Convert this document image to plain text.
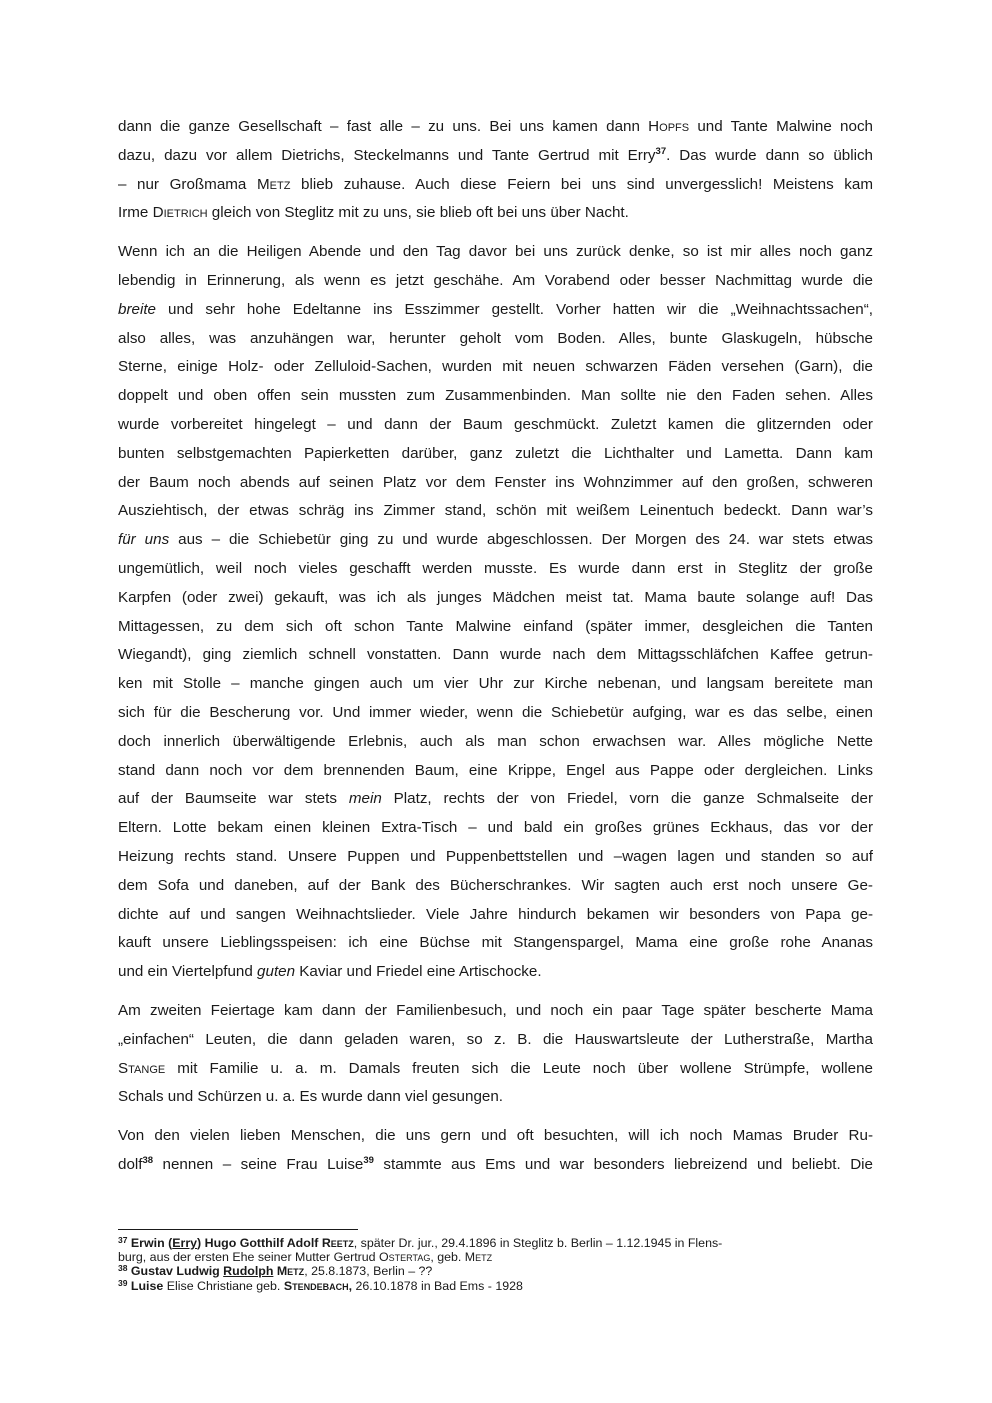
dann die ganze Gesellschaft – fast alle – zu uns. Bei uns kamen dann Hopfs und Tante Malwine noch
dazu, dazu vor allem Dietrichs, Steckelmanns und Tante Gertrud mit Erry$^{37}$. Das wurde dann so üblich
– nur Großmama Metz blieb zuhause. Auch diese Feiern bei uns sind unvergesslich! Meistens kam
Irme Dietrich gleich von Steglitz mit zu uns, sie blieb oft bei uns über Nacht.
Wenn ich an die Heiligen Abende und den Tag davor bei uns zurück denke, so ist mir alles noch ganz
lebendig in Erinnerung, als wenn es jetzt geschähe. Am Vorabend oder besser Nachmittag wurde die
breite und sehr hohe Edeltanne ins Esszimmer gestellt. Vorher hatten wir die „Weihnachtssachen“,
also alles, was anzuhängen war, herunter geholt vom Boden. Alles, bunte Glaskugeln, hübsche
Sterne, einige Holz- oder Zelluloid-Sachen, wurden mit neuen schwarzen Fäden versehen (Garn), die
doppelt und oben offen sein mussten zum Zusammenbinden. Man sollte nie den Faden sehen. Alles
wurde vorbereitet hingelegt – und dann der Baum geschmückt. Zuletzt kamen die glitzernden oder
bunten selbstgemachten Papierketten darüber, ganz zuletzt die Lichthalter und Lametta. Dann kam
der Baum noch abends auf seinen Platz vor dem Fenster ins Wohnzimmer auf den großen, schweren
Ausziehtisch, der etwas schräg ins Zimmer stand, schön mit weißem Leinentuch bedeckt. Dann war’s
für uns aus – die Schiebetür ging zu und wurde abgeschlossen. Der Morgen des 24. war stets etwas
ungemütlich, weil noch vieles geschafft werden musste. Es wurde dann erst in Steglitz der große
Karpfen (oder zwei) gekauft, was ich als junges Mädchen meist tat. Mama baute solange auf! Das
Mittagessen, zu dem sich oft schon Tante Malwine einfand (später immer, desgleichen die Tanten
Wiegandt), ging ziemlich schnell vonstatten. Dann wurde nach dem Mittagsschläfchen Kaffee getrun-
ken mit Stolle – manche gingen auch um vier Uhr zur Kirche nebenan, und langsam bereitete man
sich für die Bescherung vor. Und immer wieder, wenn die Schiebetür aufging, war es das selbe, einen
doch innerlich überwältigende Erlebnis, auch als man schon erwachsen war. Alles mögliche Nette
stand dann noch vor dem brennenden Baum, eine Krippe, Engel aus Pappe oder dergleichen. Links
auf der Baumseite war stets mein Platz, rechts der von Friedel, vorn die ganze Schmalseite der
Eltern. Lotte bekam einen kleinen Extra-Tisch – und bald ein großes grünes Eckhaus, das vor der
Heizung rechts stand. Unsere Puppen und Puppenbettstellen und –wagen lagen und standen so auf
dem Sofa und daneben, auf der Bank des Bücherschrankes. Wir sagten auch erst noch unsere Ge-
dichte auf und sangen Weihnachtslieder. Viele Jahre hindurch bekamen wir besonders von Papa ge-
kauft unsere Lieblingsspeisen: ich eine Büchse mit Stangenspargel, Mama eine große rohe Ananas
und ein Viertelpfund guten Kaviar und Friedel eine Artischocke.
Am zweiten Feiertage kam dann der Familienbesuch, und noch ein paar Tage später bescherte Mama
„einfachen“ Leuten, die dann geladen waren, so z. B. die Hauswartsleute der Lutherstraße, Martha
Stange mit Familie u. a. m. Damals freuten sich die Leute noch über wollene Strümpfe, wollene
Schals und Schürzen u. a. Es wurde dann viel gesungen.
Von den vielen lieben Menschen, die uns gern und oft besuchten, will ich noch Mamas Bruder Ru-
dolf$^{38}$ nennen – seine Frau Luise$^{39}$ stammte aus Ems und war besonders liebreizend und beliebt. Die

$^{37}$ Erwin (Erry) Hugo Gotthilf Adolf Reetz, später Dr. jur., 29.4.1896 in Steglitz b. Berlin – 1.12.1945 in Flens-
burg, aus der ersten Ehe seiner Mutter Gertrud Ostertag, geb. Metz

$^{38}$ Gustav Ludwig Rudolph Metz, 25.8.1873, Berlin – ??

$^{39}$ Luise Elise Christiane geb. Stendebach, 26.10.1878 in Bad Ems - 1928
